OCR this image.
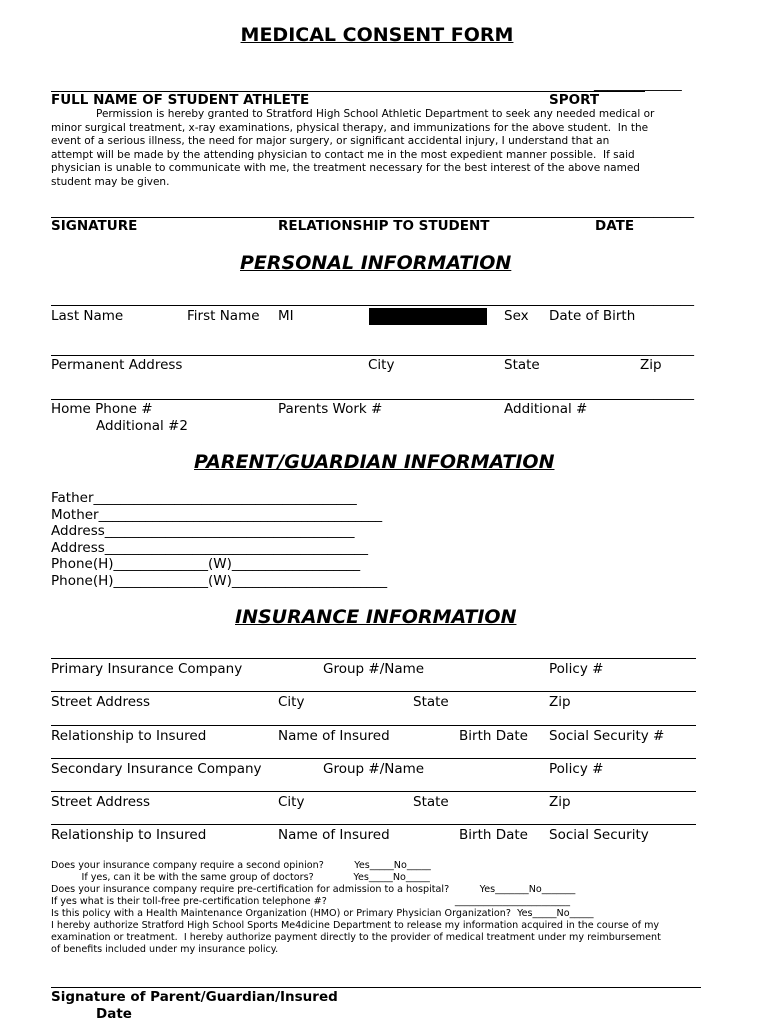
MEDICAL CONSENT FORM
_____________
FULL NAME OF STUDENT ATHLETE	SPORT
Permission is hereby granted to Stratford High School Athletic Department to seek any needed medical or
minor surgical treatment, x-ray examinations, physical therapy, and immunizations for the above student.  In the
event of a serious illness, the need for major surgery, or significant accidental injury, I understand that an
attempt will be made by the attending physician to contact me in the most expedient manner possible.  If said
physician is unable to communicate with me, the treatment necessary for the best interest of the above named
student may be given.
________
SIGNATURE	RELATIONSHIP TO STUDENT	DATE
PERSONAL INFORMATION
________
Last Name	First Name MI	Sex Date of Birth
________
Permanent Address	City	State	Zip
________
Home Phone #	Parents Work #	Additional #
Additional #2
PARENT/GUARDIAN INFORMATION
Father_______________________________________
Mother__________________________________________
Address_____________________________________
Address_______________________________________
Phone(H)______________(W)___________________
Phone(H)______________(W)_______________________
INSURANCE INFORMATION
Primary Insurance Company	Group #/Name	Policy #
Street Address	City	State	Zip
Relationship to Insured	Name of Insured	Birth Date Social Security #
Secondary Insurance Company	Group #/Name	Policy #
Street Address	City	State	Zip
Relationship to Insured	Name of Insured	Birth Date Social Security
Does your insurance company require a second opinion?          Yes_____No_____
If yes, can it be with the same group of doctors?             Yes_____No_____
Does your insurance company require pre-certification for admission to a hospital?          Yes_______No_______
If yes what is their toll-free pre-certification telephone #?                                          ________________________
Is this policy with a Health Maintenance Organization (HMO) or Primary Physician Organization?  Yes_____No_____
I hereby authorize Stratford High School Sports Me4dicine Department to release my information acquired in the course of my
examination or treatment.  I hereby authorize payment directly to the provider of medical treatment under my reimbursement
of benefits included under my insurance policy.
Signature of Parent/Guardian/Insured
Date
